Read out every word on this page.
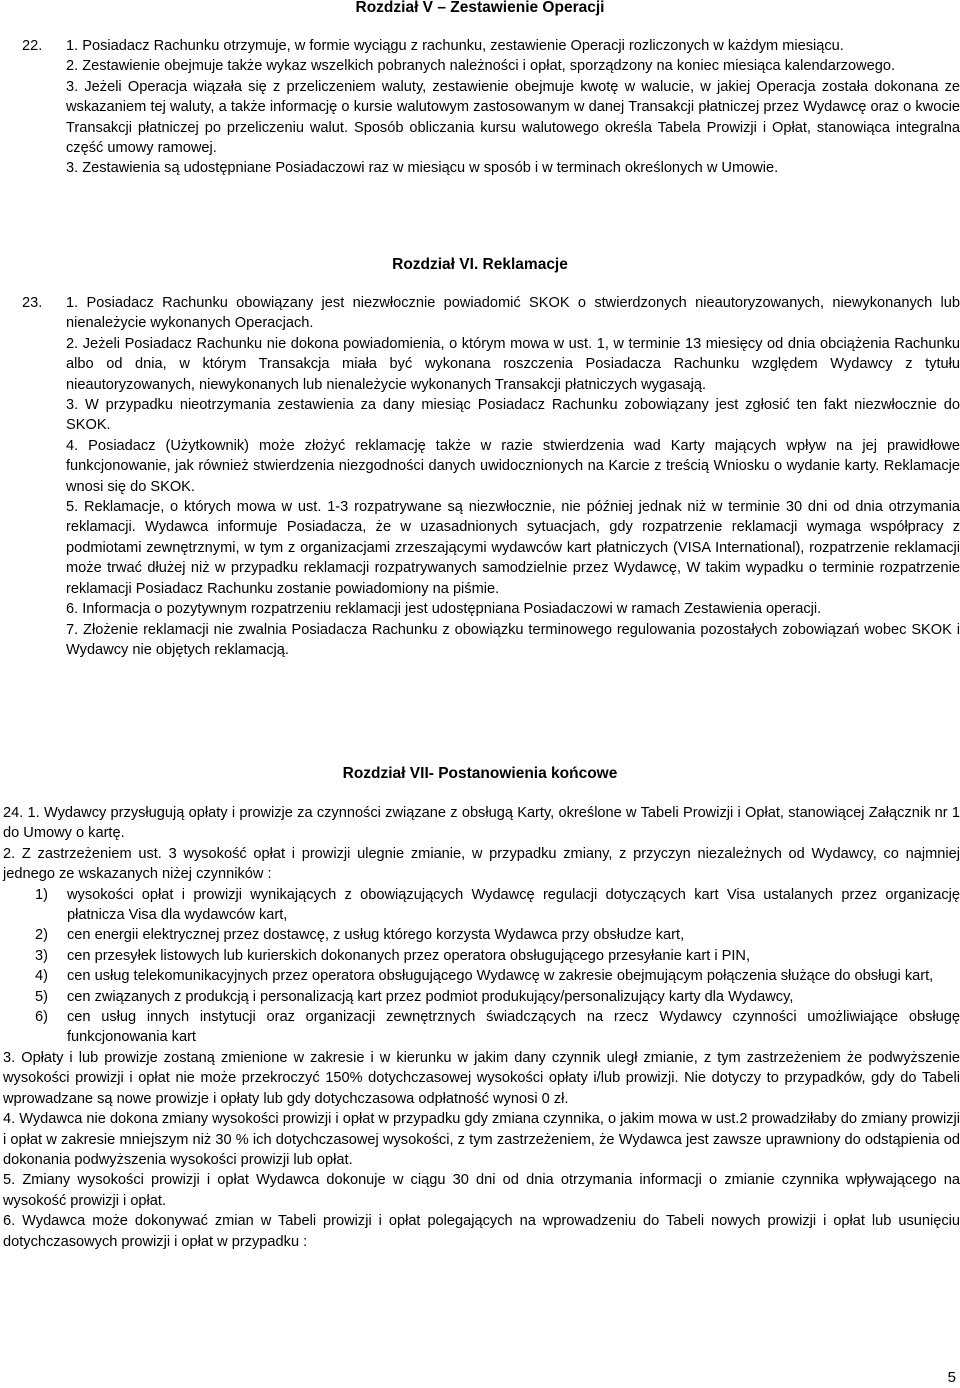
Rozdział V – Zestawienie Operacji
22. 1. Posiadacz Rachunku otrzymuje, w formie wyciągu z rachunku, zestawienie Operacji rozliczonych w każdym miesiącu.

2. Zestawienie obejmuje także wykaz wszelkich pobranych należności i opłat, sporządzony na koniec miesiąca kalendarzowego.

3. Jeżeli Operacja wiązała się z przeliczeniem waluty, zestawienie obejmuje kwotę w walucie, w jakiej Operacja została dokonana ze wskazaniem tej waluty, a także informację o kursie walutowym zastosowanym w danej Transakcji płatniczej przez Wydawcę oraz o kwocie Transakcji płatniczej po przeliczeniu walut. Sposób obliczania kursu walutowego określa Tabela Prowizji i Opłat, stanowiąca integralna część umowy ramowej.

3. Zestawienia są udostępniane Posiadaczowi raz w miesiącu w sposób i w terminach określonych w Umowie.

Rozdział VI. Reklamacje
23. 1. Posiadacz Rachunku obowiązany jest niezwłocznie powiadomić SKOK o stwierdzonych nieautoryzowanych, niewykonanych lub nienależycie wykonanych Operacjach.

2. Jeżeli Posiadacz Rachunku nie dokona powiadomienia, o którym mowa w ust. 1, w terminie 13 miesięcy od dnia obciążenia Rachunku albo od dnia, w którym Transakcja miała być wykonana roszczenia Posiadacza Rachunku względem Wydawcy z tytułu nieautoryzowanych, niewykonanych lub nienależycie wykonanych Transakcji płatniczych wygasają.

3. W przypadku nieotrzymania zestawienia za dany miesiąc Posiadacz Rachunku zobowiązany jest zgłosić ten fakt niezwłocznie do SKOK.

4. Posiadacz (Użytkownik) może złożyć reklamację także w razie stwierdzenia wad Karty mających wpływ na jej prawidłowe funkcjonowanie, jak również stwierdzenia niezgodności danych uwidocznionych na Karcie z treścią Wniosku o wydanie karty. Reklamacje wnosi się do SKOK.

5. Reklamacje, o których mowa w ust. 1-3 rozpatrywane są niezwłocznie, nie później jednak niż w terminie 30 dni od dnia otrzymania reklamacji. Wydawca informuje Posiadacza, że w uzasadnionych sytuacjach, gdy rozpatrzenie reklamacji wymaga współpracy z podmiotami zewnętrznymi, w tym z organizacjami zrzeszającymi wydawców kart płatniczych (VISA International), rozpatrzenie reklamacji może trwać dłużej niż w przypadku reklamacji rozpatrywanych samodzielnie przez Wydawcę, W takim wypadku o terminie rozpatrzenie reklamacji Posiadacz Rachunku zostanie powiadomiony na piśmie.

6. Informacja o pozytywnym rozpatrzeniu reklamacji jest udostępniana Posiadaczowi w ramach Zestawienia operacji.

7. Złożenie reklamacji nie zwalnia Posiadacza Rachunku z obowiązku terminowego regulowania pozostałych zobowiązań wobec SKOK i Wydawcy nie objętych reklamacją.

Rozdział VII- Postanowienia końcowe

24. 1. Wydawcy przysługują opłaty i prowizje za czynności związane z obsługą Karty, określone w Tabeli Prowizji i Opłat, stanowiącej Załącznik nr 1 do Umowy o kartę.

2. Z zastrzeżeniem ust. 3 wysokość opłat i prowizji ulegnie zmianie, w przypadku zmiany, z przyczyn niezależnych od Wydawcy, co najmniej jednego ze wskazanych niżej czynników :

1)	wysokości opłat i prowizji wynikających z obowiązujących Wydawcę regulacji dotyczących kart Visa ustalanych przez organizację płatnicza Visa dla wydawców kart,
2)	cen energii elektrycznej przez dostawcę, z usług którego korzysta Wydawca przy obsłudze kart,
3)	cen przesyłek listowych lub kurierskich dokonanych przez operatora obsługującego przesyłanie kart i PIN,
4)	cen usług telekomunikacyjnych przez operatora obsługującego Wydawcę w zakresie obejmującym połączenia służące do obsługi kart,
5)	cen związanych z produkcją i personalizacją kart przez podmiot produkujący/personalizujący karty dla Wydawcy,
6)	cen usług innych instytucji oraz organizacji zewnętrznych świadczących na rzecz Wydawcy czynności umożliwiające obsługę funkcjonowania kart

3. Opłaty i lub prowizje zostaną zmienione w zakresie i w kierunku w jakim dany czynnik uległ zmianie, z tym zastrzeżeniem że podwyższenie wysokości prowizji i opłat nie może przekroczyć 150% dotychczasowej wysokości opłaty i/lub prowizji. Nie dotyczy to przypadków, gdy do Tabeli wprowadzane są nowe prowizje i opłaty lub gdy dotychczasowa odpłatność wynosi 0 zł.

4. Wydawca nie dokona zmiany wysokości prowizji i opłat w przypadku gdy zmiana czynnika, o jakim mowa w ust.2 prowadziłaby do zmiany prowizji i opłat w zakresie mniejszym niż 30 % ich dotychczasowej wysokości, z tym zastrzeżeniem, że Wydawca jest zawsze uprawniony do odstąpienia od dokonania podwyższenia wysokości prowizji lub opłat.

5. Zmiany wysokości prowizji i opłat Wydawca dokonuje w ciągu 30 dni od dnia otrzymania informacji o zmianie czynnika wpływającego na wysokość prowizji i opłat.

6. Wydawca może dokonywać zmian w Tabeli prowizji i opłat polegających na wprowadzeniu do Tabeli nowych prowizji i opłat lub usunięciu dotychczasowych prowizji i opłat w przypadku :

5
